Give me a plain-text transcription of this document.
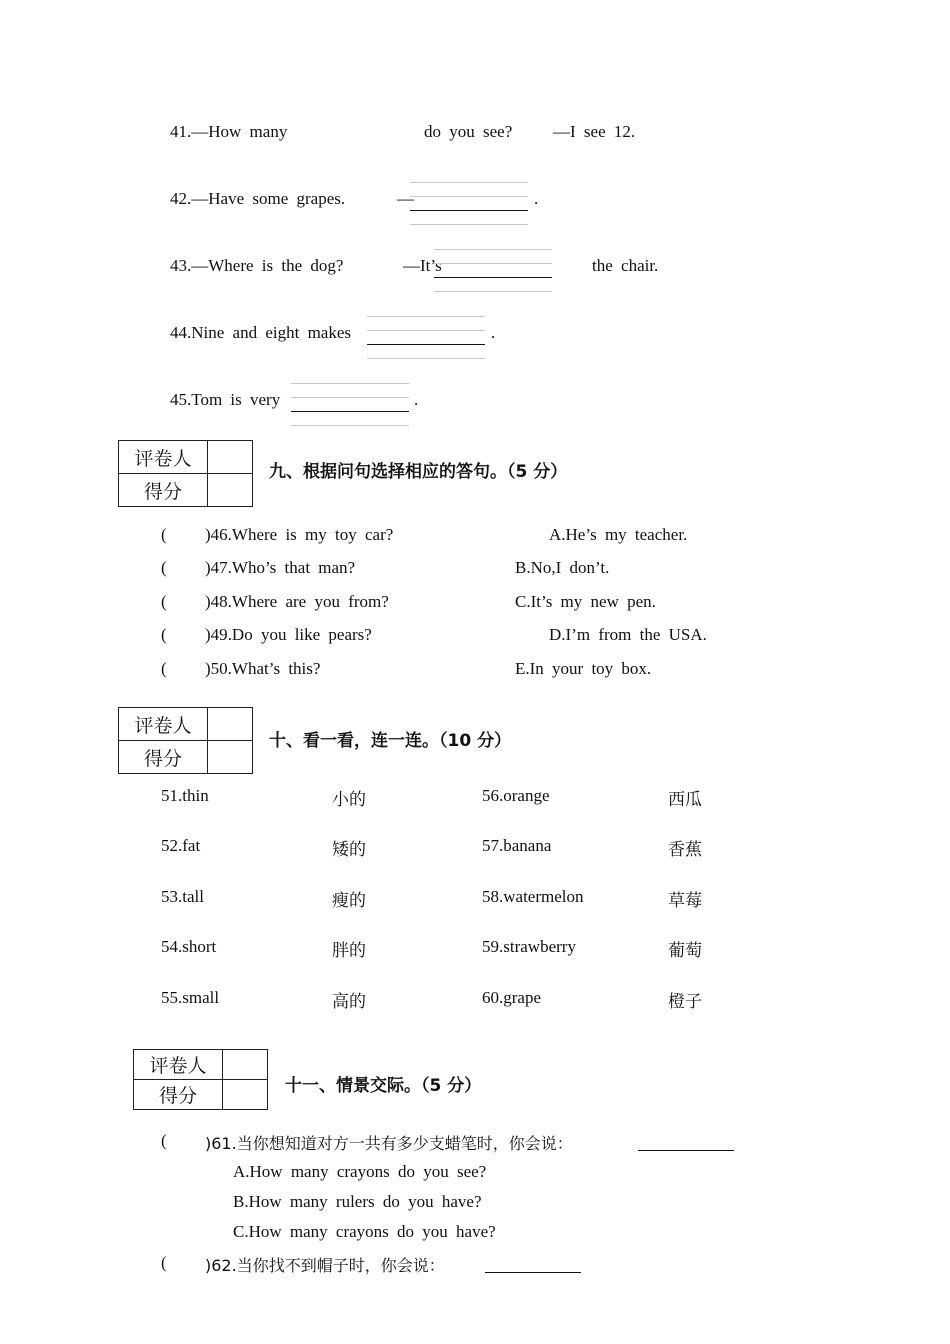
41.—How many	do you see? —I see 12.
42.—Have some grapes.	—	.
43.—Where is the dog?	—It’s	the chair.
44.Nine and eight makes	.
45.Tom is very	.
评卷人	
得分	
九、根据问句选择相应的答句。（5 分）
( )46.Where is my toy car?	A.He’s my teacher.
( )47.Who’s that man?	B.No,I don’t.
( )48.Where are you from?	C.It’s my new pen.
( )49.Do you like pears?	D.I’m from the USA.
( )50.What’s this?	E.In your toy box.
评卷人	
得分	
十、看一看，连一连。（10 分）
51.thin	小的	56.orange	西瓜
52.fat	矮的	57.banana	香蕉
53.tall	瘦的	58.watermelon	草莓
54.short	胖的	59.strawberry	葡萄
55.small	高的	60.grape	橙子
评卷人	
得分		十一、情景交际。（5 分）
( )61.当你想知道对方一共有多少支蜡笔时，你会说：
A.How many crayons do you see?
B.How many rulers do you have?
C.How many crayons do you have?
( )62.当你找不到帽子时，你会说：
